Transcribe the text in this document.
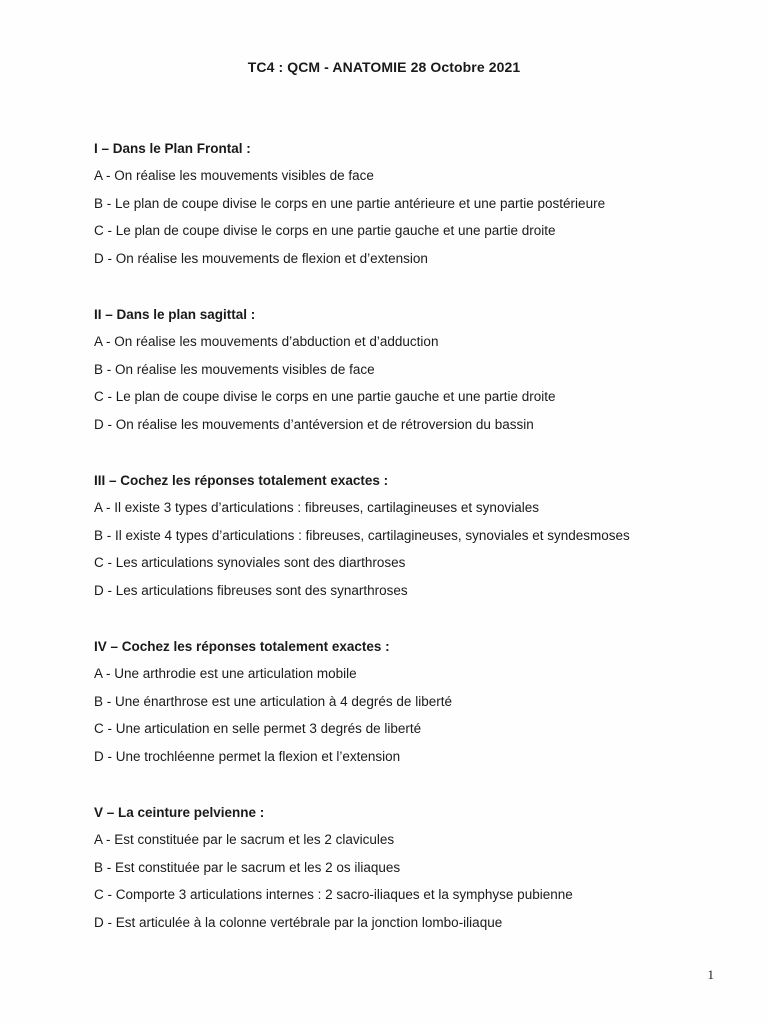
TC4 : QCM - ANATOMIE 28 Octobre 2021
I – Dans le Plan Frontal :
A - On réalise les mouvements visibles de face
B - Le plan de coupe divise le corps en une partie antérieure et une partie postérieure
C - Le plan de coupe divise le corps en une partie gauche et une partie droite
D - On réalise les mouvements de flexion et d’extension
II – Dans le plan sagittal :
A - On réalise les mouvements d’abduction et d’adduction
B - On réalise les mouvements visibles de face
C - Le plan de coupe divise le corps en une partie gauche et une partie droite
D - On réalise les mouvements d’antéversion et de rétroversion du bassin
III – Cochez les réponses totalement exactes :
A - Il existe 3 types d’articulations : fibreuses, cartilagineuses et synoviales
B - Il existe 4 types d’articulations : fibreuses, cartilagineuses, synoviales et syndesmoses
C - Les articulations synoviales sont des diarthroses
D - Les articulations fibreuses sont des synarthroses
IV – Cochez les réponses totalement exactes :
A - Une arthrodie est une articulation mobile
B - Une énarthrose est une articulation à 4 degrés de liberté
C - Une articulation en selle permet 3 degrés de liberté
D - Une trochléenne permet la flexion et l’extension
V – La ceinture pelvienne :
A - Est constituée par le sacrum et les 2 clavicules
B - Est constituée par le sacrum et les 2 os iliaques
C - Comporte 3 articulations internes : 2 sacro-iliaques et la symphyse pubienne
D - Est articulée à la colonne vertébrale par la jonction lombo-iliaque
1
